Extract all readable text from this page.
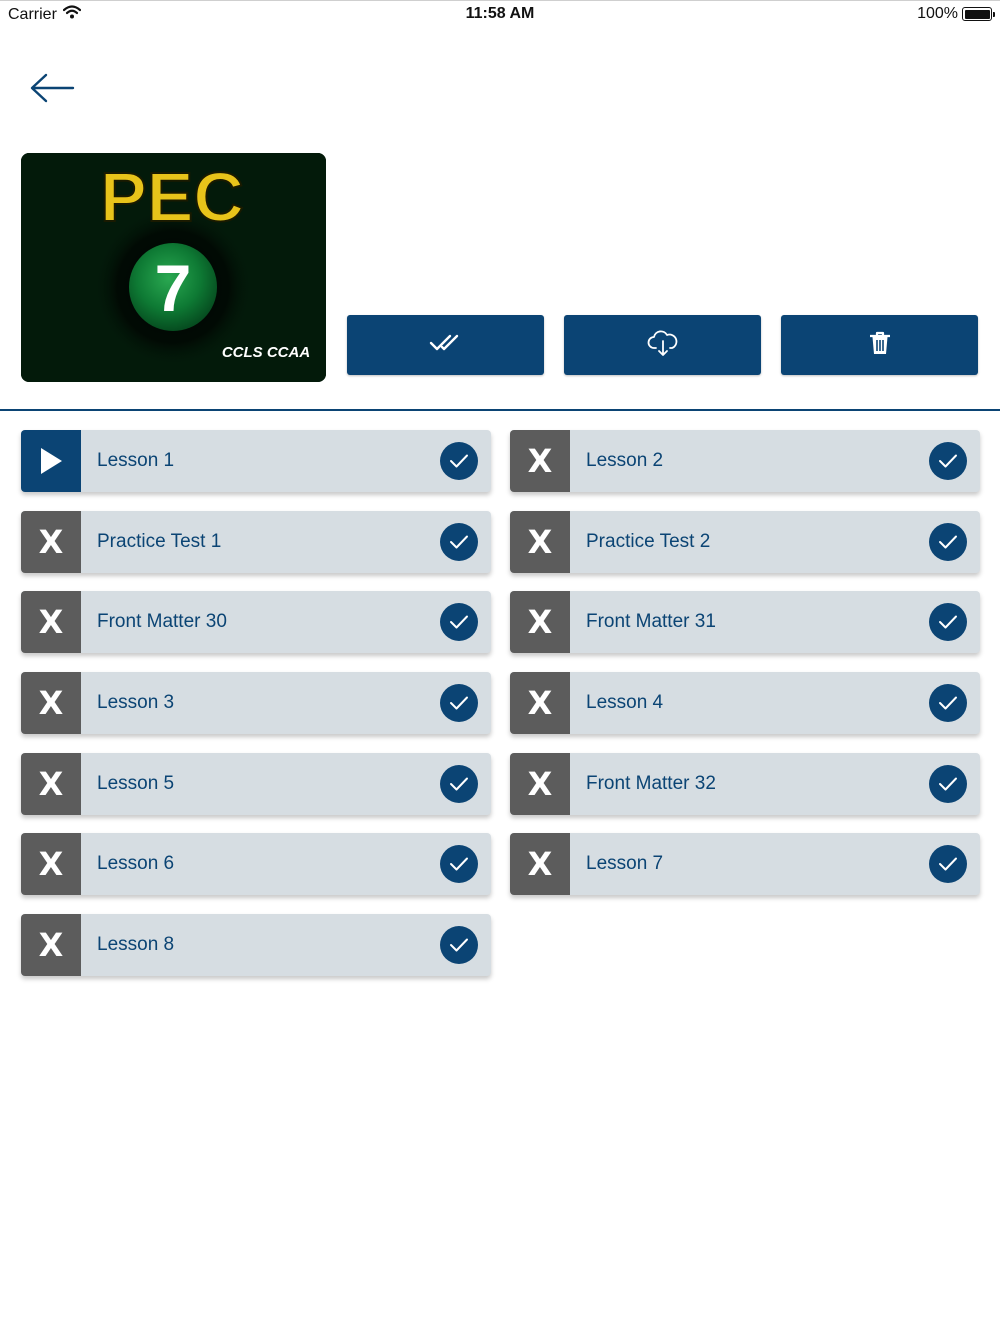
Carrier	11:58 AM	100%
PEC
7
CCLS CCAA
Lesson 1	X	Lesson 2
X	Practice Test 1	X	Practice Test 2
X	Front Matter 30	X	Front Matter 31
X	Lesson 3	X	Lesson 4
X	Lesson 5	X	Front Matter 32
X	Lesson 6	X	Lesson 7
X	Lesson 8
